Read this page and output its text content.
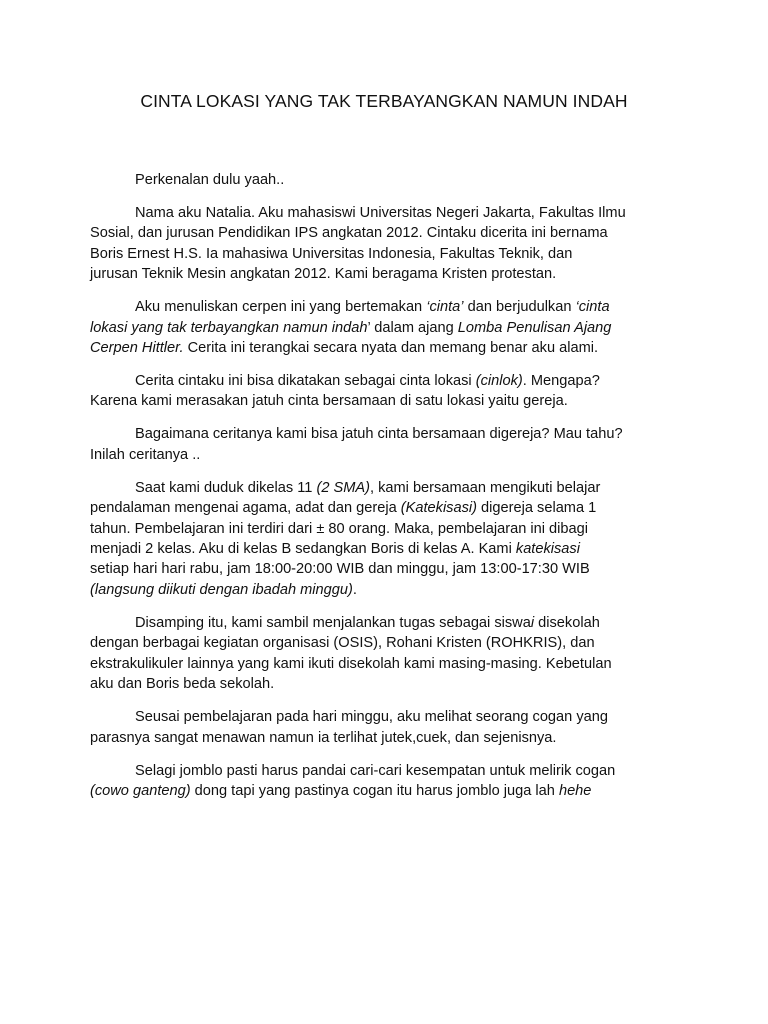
CINTA LOKASI YANG TAK TERBAYANGKAN NAMUN INDAH

Perkenalan dulu yaah..

Nama aku Natalia. Aku mahasiswi Universitas Negeri Jakarta, Fakultas Ilmu
Sosial, dan jurusan Pendidikan IPS angkatan 2012. Cintaku dicerita ini bernama
Boris Ernest H.S. Ia mahasiwa Universitas Indonesia, Fakultas Teknik, dan
jurusan Teknik Mesin angkatan 2012. Kami beragama Kristen protestan.

Aku menuliskan cerpen ini yang bertemakan ‘cinta’ dan berjudulkan ‘cinta
lokasi yang tak terbayangkan namun indah’ dalam ajang Lomba Penulisan Ajang
Cerpen Hittler. Cerita ini terangkai secara nyata dan memang benar aku alami.

Cerita cintaku ini bisa dikatakan sebagai cinta lokasi (cinlok). Mengapa?
Karena kami merasakan jatuh cinta bersamaan di satu lokasi yaitu gereja.

Bagaimana ceritanya kami bisa jatuh cinta bersamaan digereja? Mau tahu?
Inilah ceritanya ..

Saat kami duduk dikelas 11 (2 SMA), kami bersamaan mengikuti belajar
pendalaman mengenai agama, adat dan gereja (Katekisasi) digereja selama 1
tahun. Pembelajaran ini terdiri dari ± 80 orang. Maka, pembelajaran ini dibagi
menjadi 2 kelas. Aku di kelas B sedangkan Boris di kelas A. Kami katekisasi
setiap hari hari rabu, jam 18:00-20:00 WIB dan minggu, jam 13:00-17:30 WIB
(langsung diikuti dengan ibadah minggu).

Disamping itu, kami sambil menjalankan tugas sebagai siswai disekolah
dengan berbagai kegiatan organisasi (OSIS), Rohani Kristen (ROHKRIS), dan
ekstrakulikuler lainnya yang kami ikuti disekolah kami masing-masing. Kebetulan
aku dan Boris beda sekolah.

Seusai pembelajaran pada hari minggu, aku melihat seorang cogan yang
parasnya sangat menawan namun ia terlihat jutek,cuek, dan sejenisnya.

Selagi jomblo pasti harus pandai cari-cari kesempatan untuk melirik cogan
(cowo ganteng) dong tapi yang pastinya cogan itu harus jomblo juga lah hehe
